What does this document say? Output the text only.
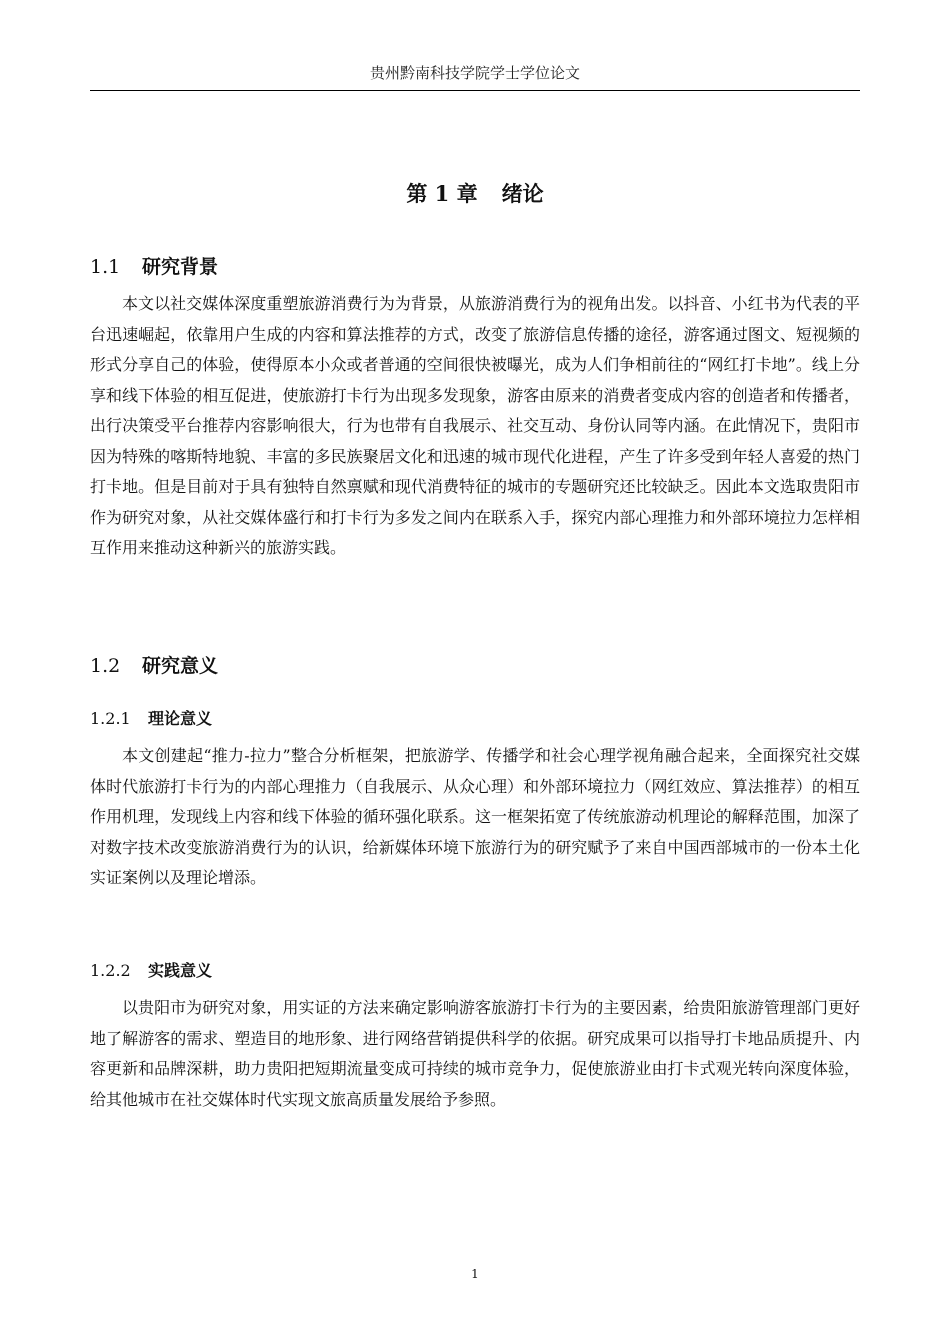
贵州黔南科技学院学士学位论文
第 1 章 绪论
1.1 研究背景

本文以社交媒体深度重塑旅游消费行为为背景，从旅游消费行为的视角出发。以抖音、小红书为代表的平台迅速崛起，依靠用户生成的内容和算法推荐的方式，改变了旅游信息传播的途径，游客通过图文、短视频的形式分享自己的体验，使得原本小众或者普通的空间很快被曝光，成为人们争相前往的“网红打卡地”。线上分享和线下体验的相互促进，使旅游打卡行为出现多发现象，游客由原来的消费者变成内容的创造者和传播者，出行决策受平台推荐内容影响很大，行为也带有自我展示、社交互动、身份认同等内涵。在此情况下，贵阳市因为特殊的喀斯特地貌、丰富的多民族聚居文化和迅速的城市现代化进程，产生了许多受到年轻人喜爱的热门打卡地。但是目前对于具有独特自然禀赋和现代消费特征的城市的专题研究还比较缺乏。因此本文选取贵阳市作为研究对象，从社交媒体盛行和打卡行为多发之间内在联系入手，探究内部心理推力和外部环境拉力怎样相互作用来推动这种新兴的旅游实践。

1.2 研究意义
1.2.1 理论意义

本文创建起“推力-拉力”整合分析框架，把旅游学、传播学和社会心理学视角融合起来，全面探究社交媒体时代旅游打卡行为的内部心理推力（自我展示、从众心理）和外部环境拉力（网红效应、算法推荐）的相互作用机理，发现线上内容和线下体验的循环强化联系。这一框架拓宽了传统旅游动机理论的解释范围，加深了对数字技术改变旅游消费行为的认识，给新媒体环境下旅游行为的研究赋予了来自中国西部城市的一份本土化实证案例以及理论增添。

1.2.2 实践意义

以贵阳市为研究对象，用实证的方法来确定影响游客旅游打卡行为的主要因素，给贵阳旅游管理部门更好地了解游客的需求、塑造目的地形象、进行网络营销提供科学的依据。研究成果可以指导打卡地品质提升、内容更新和品牌深耕，助力贵阳把短期流量变成可持续的城市竞争力，促使旅游业由打卡式观光转向深度体验，给其他城市在社交媒体时代实现文旅高质量发展给予参照。

1
